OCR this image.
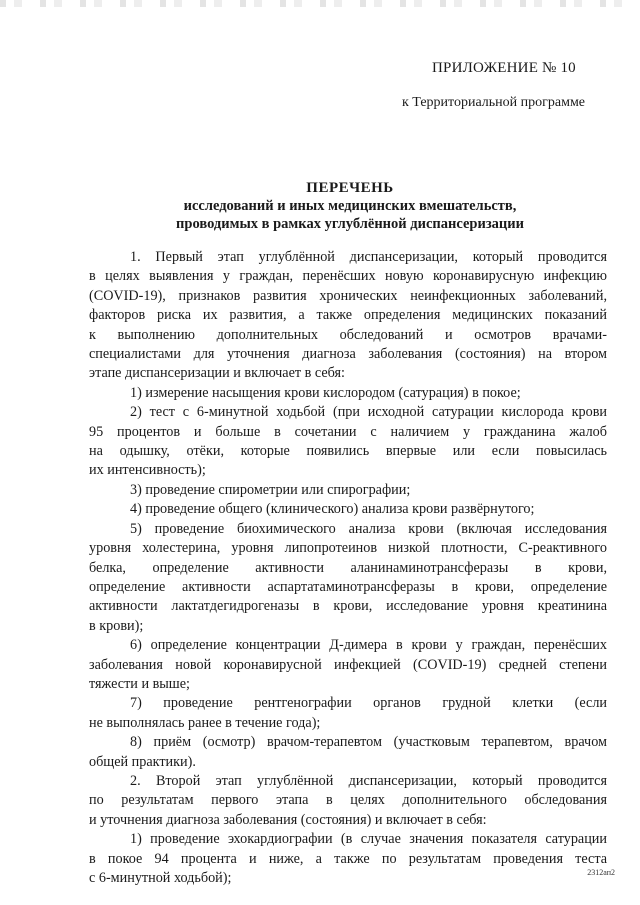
ПРИЛОЖЕНИЕ № 10
к Территориальной программе
ПЕРЕЧЕНЬ
исследований и иных медицинских вмешательств,
проводимых в рамках углублённой диспансеризации

1. Первый этап углублённой диспансеризации, который проводится

в целях выявления у граждан, перенёсших новую коронавирусную инфекцию

(COVID-19), признаков развития хронических неинфекционных заболеваний,

факторов риска их развития, а также определения медицинских показаний

к выполнению дополнительных обследований и осмотров врачами-

специалистами для уточнения диагноза заболевания (состояния) на втором

этапе диспансеризации и включает в себя:

1) измерение насыщения крови кислородом (сатурация) в покое;

2) тест с 6-минутной ходьбой (при исходной сатурации кислорода крови

95 процентов и больше в сочетании с наличием у гражданина жалоб

на одышку, отёки, которые появились впервые или если повысилась

их интенсивность);

3) проведение спирометрии или спирографии;

4) проведение общего (клинического) анализа крови развёрнутого;

5) проведение биохимического анализа крови (включая исследования

уровня холестерина, уровня липопротеинов низкой плотности, С-реактивного

белка, определение активности аланинаминотрансферазы в крови,

определение активности аспартатаминотрансферазы в крови, определение

активности лактатдегидрогеназы в крови, исследование уровня креатинина

в крови);

6) определение концентрации Д-димера в крови у граждан, перенёсших

заболевания новой коронавирусной инфекцией (COVID-19) средней степени

тяжести и выше;

7) проведение рентгенографии органов грудной клетки (если

не выполнялась ранее в течение года);

8) приём (осмотр) врачом-терапевтом (участковым терапевтом, врачом

общей практики).

2. Второй этап углублённой диспансеризации, который проводится

по результатам первого этапа в целях дополнительного обследования

и уточнения диагноза заболевания (состояния) и включает в себя:

1) проведение эхокардиографии (в случае значения показателя сатурации

в покое 94 процента и ниже, а также по результатам проведения теста

с 6-минутной ходьбой);	2312ап2
